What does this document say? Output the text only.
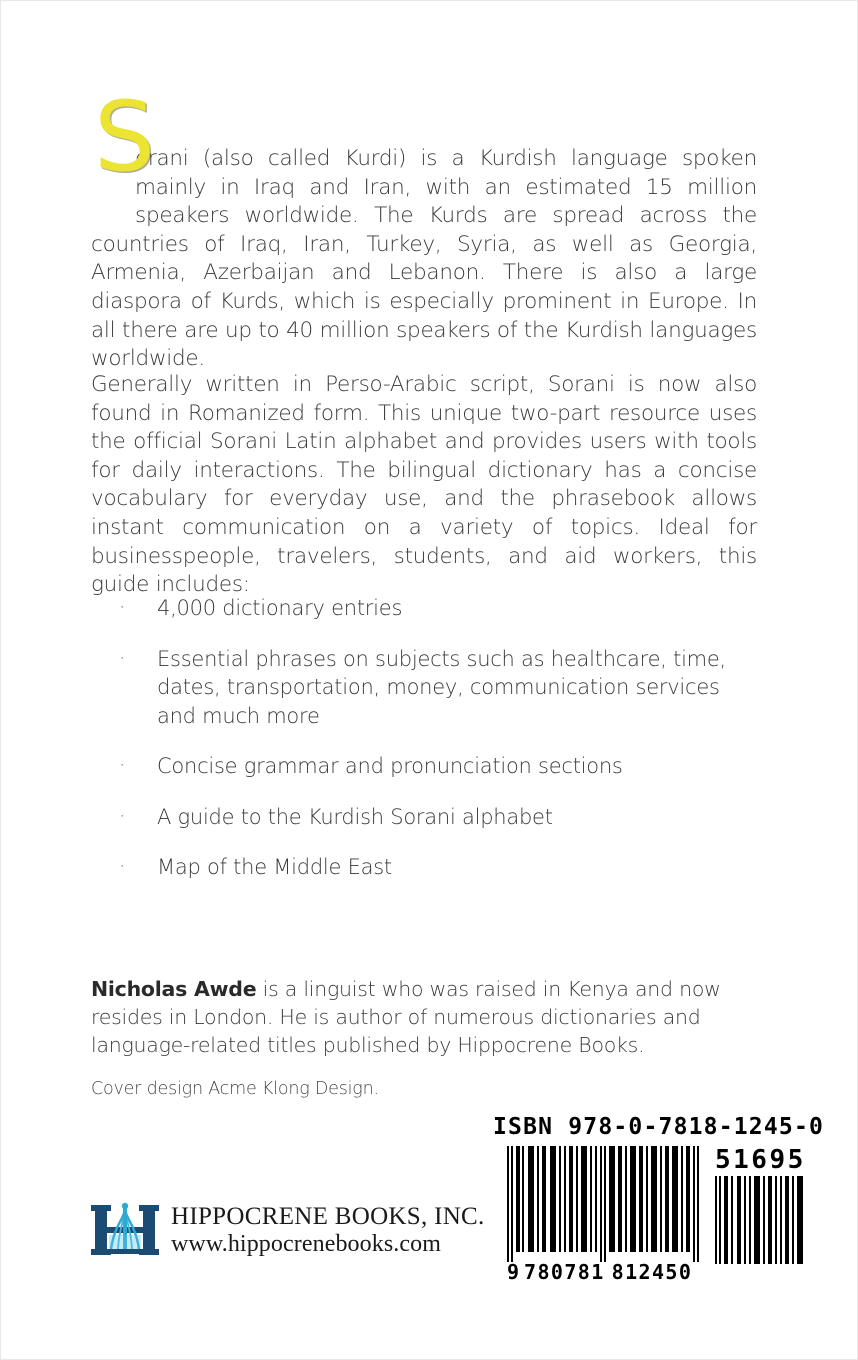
S

orani (also called Kurdi) is a Kurdish language spoken mainly in Iraq and Iran, with an estimated 15 million speakers worldwide. The Kurds are spread across the countries of Iraq, Iran, Turkey, Syria, as well as Georgia, Armenia, Azerbaijan and Lebanon. There is also a large diaspora of Kurds, which is especially prominent in Europe. In all there are up to 40 million speakers of the Kurdish languages worldwide.

Generally written in Perso-Arabic script, Sorani is now also found in Romanized form. This unique two-part resource uses the official Sorani Latin alphabet and provides users with tools for daily interactions. The bilingual dictionary has a concise vocabulary for everyday use, and the phrasebook allows instant communication on a variety of topics. Ideal for businesspeople, travelers, students, and aid workers, this guide includes:

· 4,000 dictionary entries
· Essential phrases on subjects such as healthcare, time, dates, transportation, money, communication services and much more
· Concise grammar and pronunciation sections
· A guide to the Kurdish Sorani alphabet
· Map of the Middle East

Nicholas Awde is a linguist who was raised in Kenya and now resides in London. He is author of numerous dictionaries and language-related titles published by Hippocrene Books.

Cover design Acme Klong Design.

HIPPOCRENE BOOKS, INC.
www.hippocrenebooks.com
ISBN 978-0-7818-1245-0
9 780781 812450
51695
